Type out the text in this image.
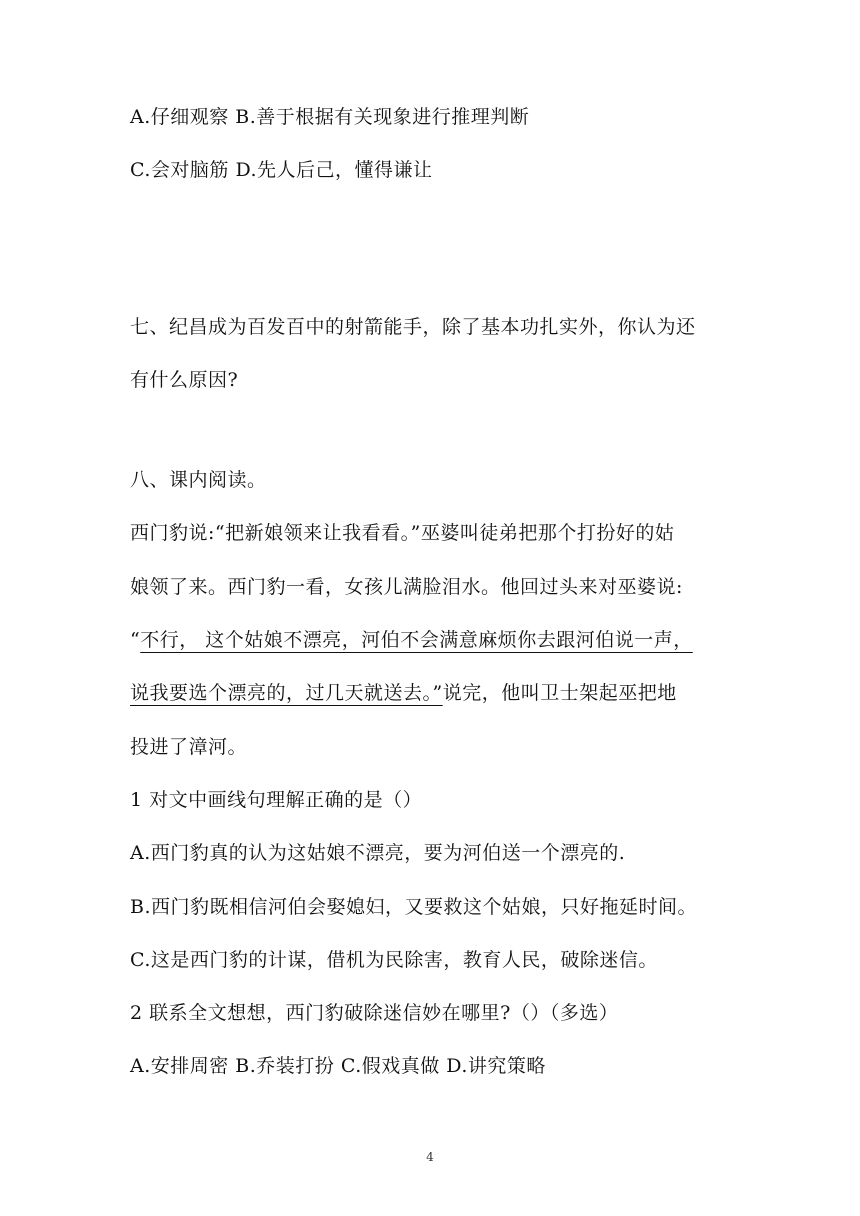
A.仔细观察 B.善于根据有关现象进行推理判断
C.会对脑筋 D.先人后己，懂得谦让
七、纪昌成为百发百中的射箭能手，除了基本功扎实外，你认为还
有什么原因?
八、课内阅读。
西门豹说:“把新娘领来让我看看。”巫婆叫徒弟把那个打扮好的姑
娘领了来。西门豹一看，女孩儿满脸泪水。他回过头来对巫婆说:
“不行， 这个姑娘不漂亮，河伯不会满意麻烦你去跟河伯说一声，
说我要选个漂亮的，过几天就送去。”说完，他叫卫士架起巫把地
投进了漳河。
1 对文中画线句理解正确的是（）
A.西门豹真的认为这姑娘不漂亮，要为河伯送一个漂亮的.
B.西门豹既相信河伯会娶媳妇，又要救这个姑娘，只好拖延时间。
C.这是西门豹的计谋，借机为民除害，教育人民，破除迷信。
2 联系全文想想，西门豹破除迷信妙在哪里?（）（多选）
A.安排周密 B.乔装打扮 C.假戏真做 D.讲究策略
4
